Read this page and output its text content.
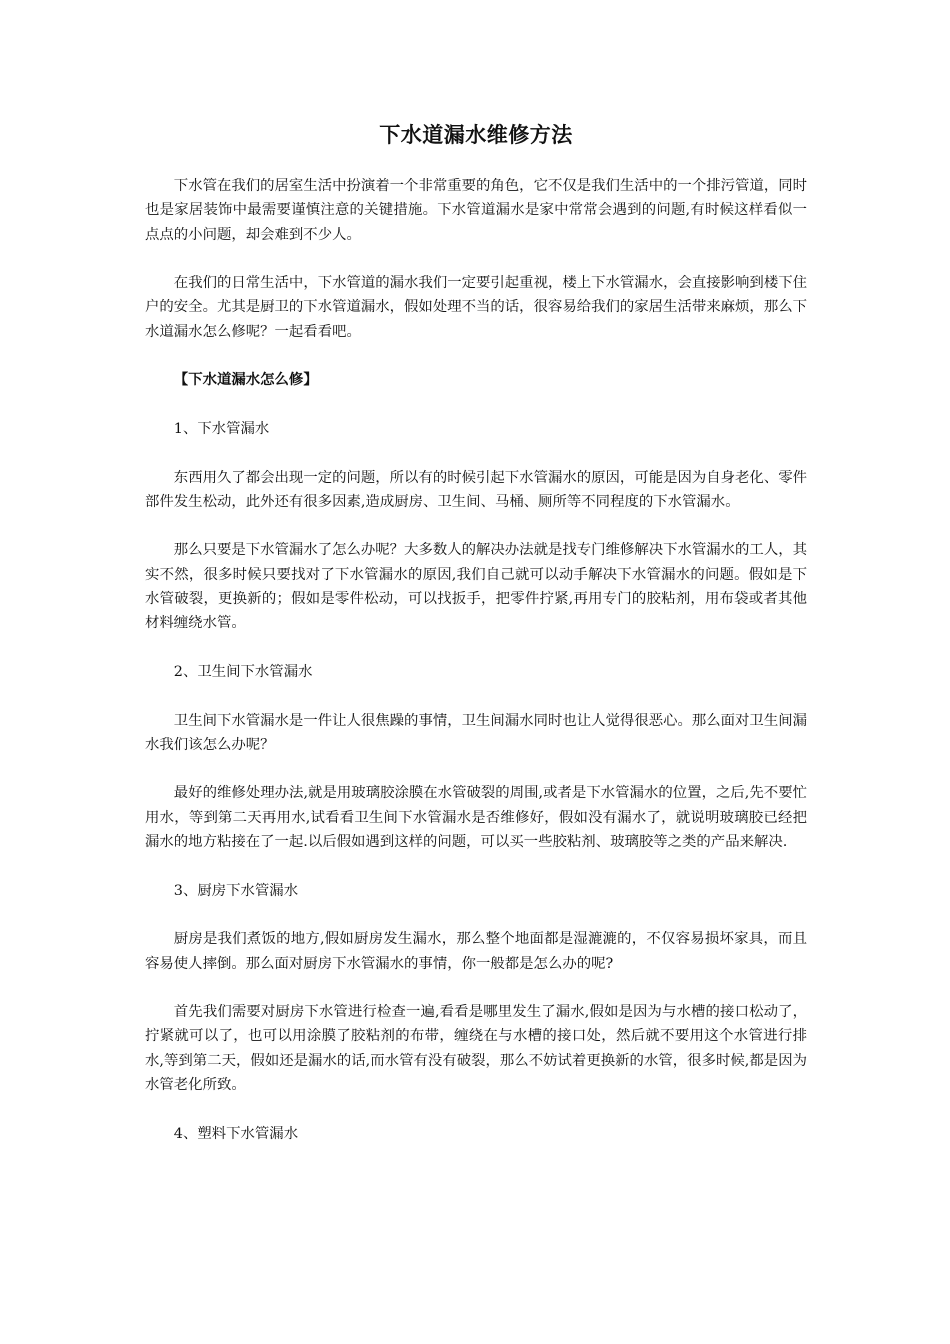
下水道漏水维修方法

下水管在我们的居室生活中扮演着一个非常重要的角色，它不仅是我们生活中的一个排污管道，同时也是家居装饰中最需要谨慎注意的关键措施。下水管道漏水是家中常常会遇到的问题,有时候这样看似一点点的小问题，却会难到不少人。

在我们的日常生活中，下水管道的漏水我们一定要引起重视，楼上下水管漏水，会直接影响到楼下住户的安全。尤其是厨卫的下水管道漏水，假如处理不当的话，很容易给我们的家居生活带来麻烦，那么下水道漏水怎么修呢？一起看看吧。

【下水道漏水怎么修】
1、下水管漏水

东西用久了都会出现一定的问题，所以有的时候引起下水管漏水的原因，可能是因为自身老化、零件部件发生松动，此外还有很多因素,造成厨房、卫生间、马桶、厕所等不同程度的下水管漏水。

那么只要是下水管漏水了怎么办呢？大多数人的解决办法就是找专门维修解决下水管漏水的工人，其实不然，很多时候只要找对了下水管漏水的原因,我们自己就可以动手解决下水管漏水的问题。假如是下水管破裂，更换新的；假如是零件松动，可以找扳手，把零件拧紧,再用专门的胶粘剂，用布袋或者其他材料缠绕水管。

2、卫生间下水管漏水

卫生间下水管漏水是一件让人很焦躁的事情，卫生间漏水同时也让人觉得很恶心。那么面对卫生间漏水我们该怎么办呢？

最好的维修处理办法,就是用玻璃胶涂膜在水管破裂的周围,或者是下水管漏水的位置，之后,先不要忙用水，等到第二天再用水,试看看卫生间下水管漏水是否维修好，假如没有漏水了，就说明玻璃胶已经把漏水的地方粘接在了一起.以后假如遇到这样的问题，可以买一些胶粘剂、玻璃胶等之类的产品来解决.

3、厨房下水管漏水

厨房是我们煮饭的地方,假如厨房发生漏水，那么整个地面都是湿漉漉的，不仅容易损坏家具，而且容易使人摔倒。那么面对厨房下水管漏水的事情，你一般都是怎么办的呢?

首先我们需要对厨房下水管进行检查一遍,看看是哪里发生了漏水,假如是因为与水槽的接口松动了，拧紧就可以了，也可以用涂膜了胶粘剂的布带，缠绕在与水槽的接口处，然后就不要用这个水管进行排水,等到第二天，假如还是漏水的话,而水管有没有破裂，那么不妨试着更换新的水管，很多时候,都是因为水管老化所致。

4、塑料下水管漏水
